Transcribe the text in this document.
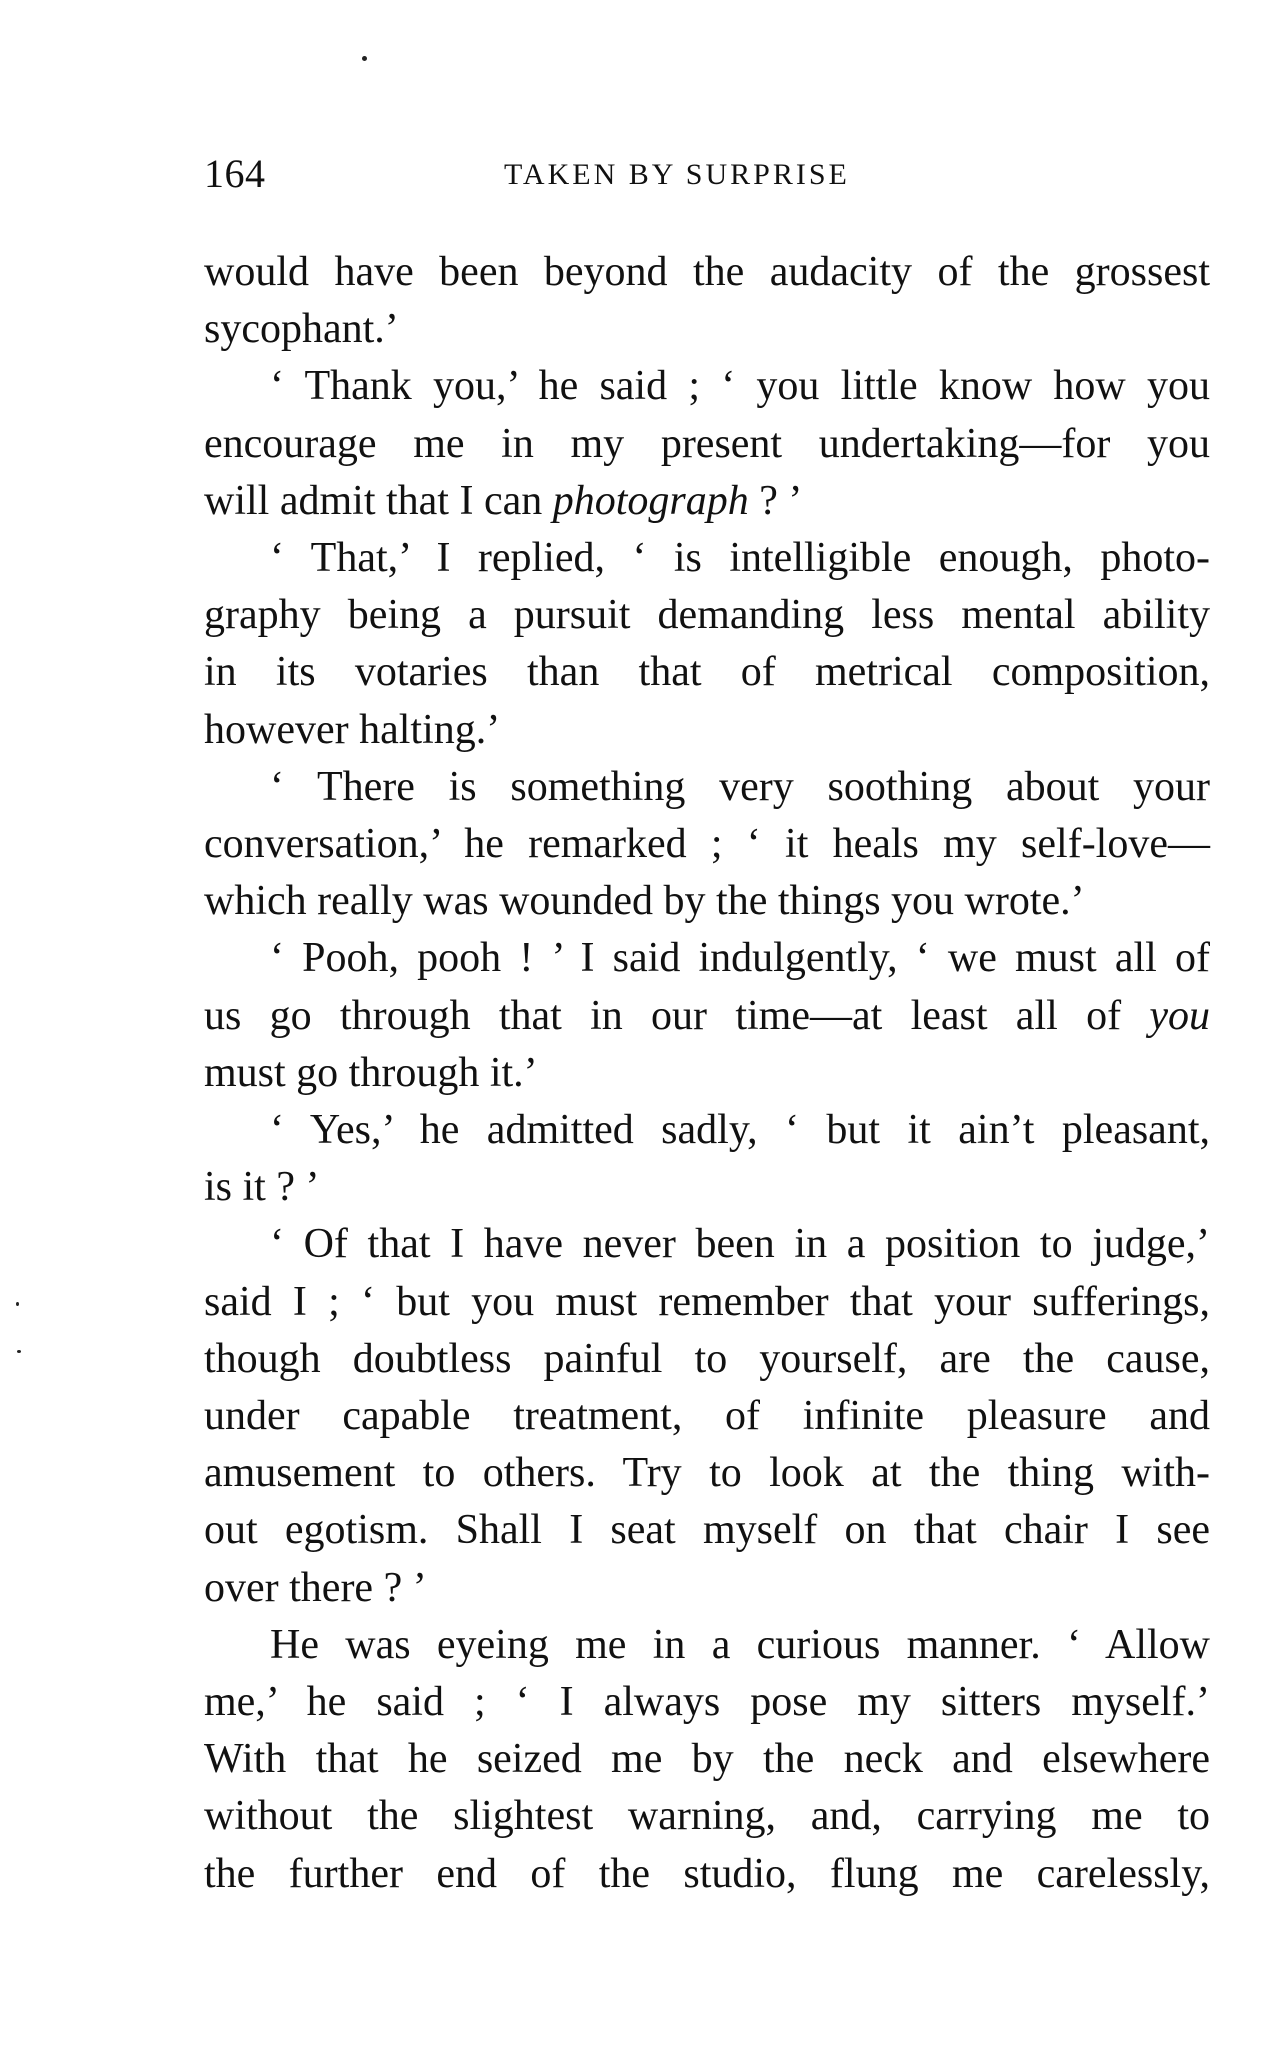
164	TAKEN BY SURPRISE

would have been beyond the audacity of the grossest
sycophant.’

‘ Thank you,’ he said ; ‘ you little know how you
encourage me in my present undertaking—for you
will admit that I can photograph ? ’

‘ That,’ I replied, ‘ is intelligible enough, photo-
graphy being a pursuit demanding less mental ability
in its votaries than that of metrical composition,
however halting.’

‘ There is something very soothing about your
conversation,’ he remarked ; ‘ it heals my self-love—
which really was wounded by the things you wrote.’

‘ Pooh, pooh ! ’ I said indulgently, ‘ we must all of
us go through that in our time—at least all of you
must go through it.’

‘ Yes,’ he admitted sadly, ‘ but it ain’t pleasant,
is it ? ’

‘ Of that I have never been in a position to judge,’
said I ; ‘ but you must remember that your sufferings,
though doubtless painful to yourself, are the cause,
under capable treatment, of infinite pleasure and
amusement to others. Try to look at the thing with-
out egotism. Shall I seat myself on that chair I see
over there ? ’

He was eyeing me in a curious manner. ‘ Allow
me,’ he said ; ‘ I always pose my sitters myself.’
With that he seized me by the neck and elsewhere
without the slightest warning, and, carrying me to
the further end of the studio, flung me carelessly,
